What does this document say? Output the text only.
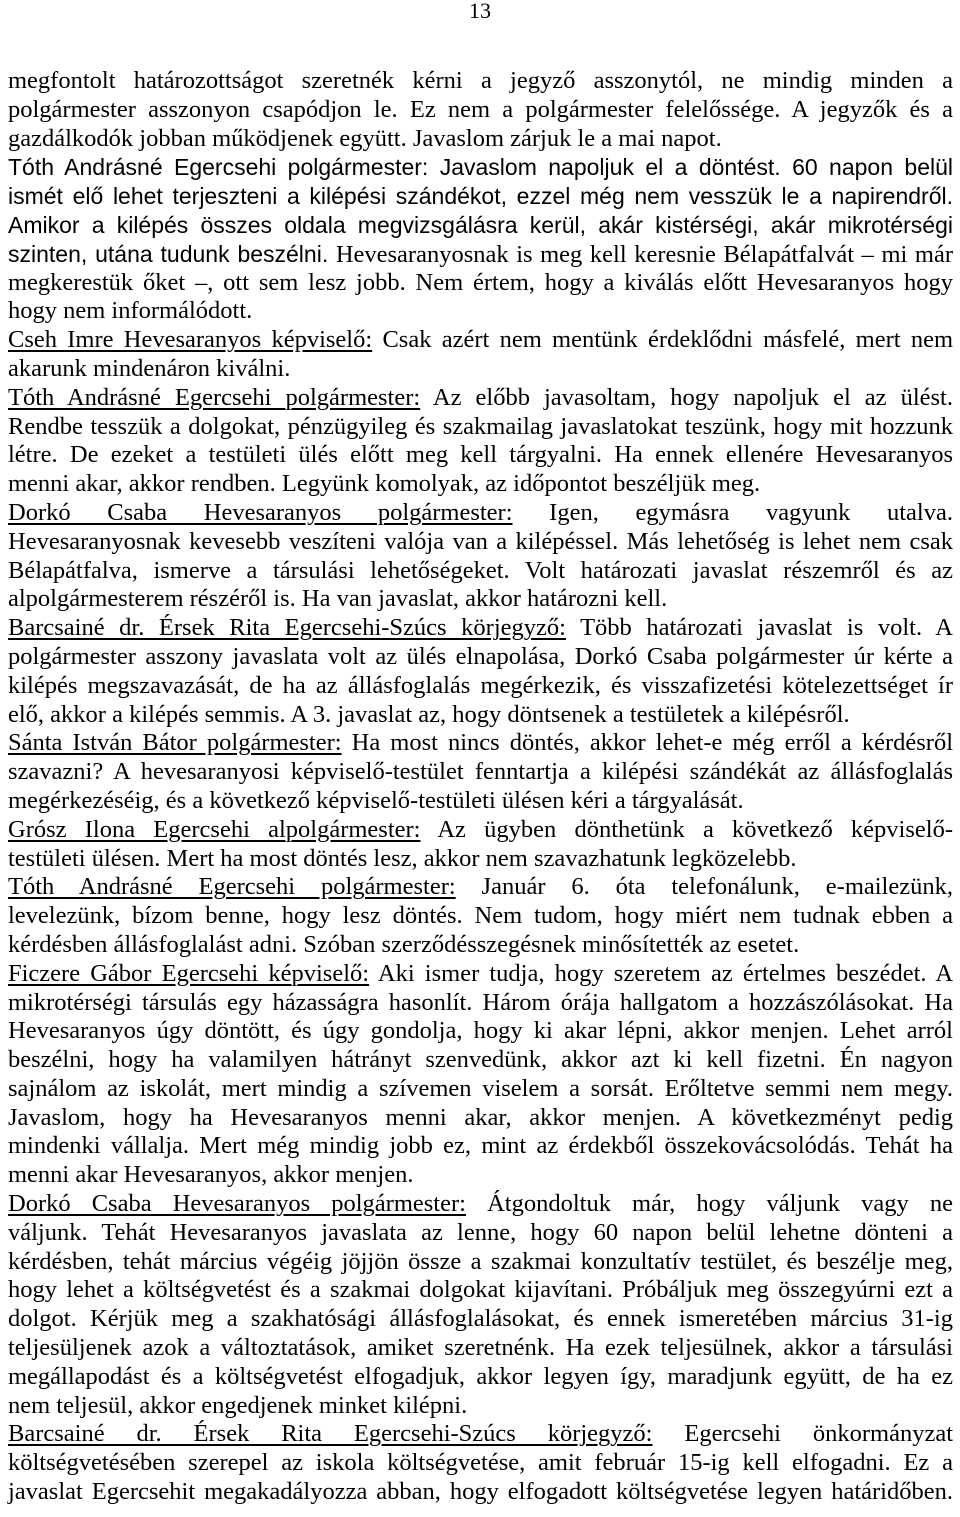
13
megfontolt határozottságot szeretnék kérni a jegyző asszonytól, ne mindig minden a
polgármester asszonyon csapódjon le. Ez nem a polgármester felelőssége. A jegyzők és a
gazdálkodók jobban működjenek együtt. Javaslom zárjuk le a mai napot.
Tóth Andrásné Egercsehi polgármester: Javaslom napoljuk el a döntést. 60 napon belül
ismét elő lehet terjeszteni a kilépési szándékot, ezzel még nem vesszük le a napirendről.
Amikor a kilépés összes oldala megvizsgálásra kerül, akár kistérségi, akár mikrotérségi
szinten, utána tudunk beszélni. Hevesaranyosnak is meg kell keresnie Bélapátfalvát – mi már
megkerestük őket –, ott sem lesz jobb. Nem értem, hogy a kiválás előtt Hevesaranyos hogy
hogy nem informálódott.
Cseh Imre Hevesaranyos képviselő: Csak azért nem mentünk érdeklődni másfelé, mert nem
akarunk mindenáron kiválni.
Tóth Andrásné Egercsehi polgármester: Az előbb javasoltam, hogy napoljuk el az ülést.
Rendbe tesszük a dolgokat, pénzügyileg és szakmailag javaslatokat teszünk, hogy mit hozzunk
létre. De ezeket a testületi ülés előtt meg kell tárgyalni. Ha ennek ellenére Hevesaranyos
menni akar, akkor rendben. Legyünk komolyak, az időpontot beszéljük meg.
Dorkó Csaba Hevesaranyos polgármester: Igen, egymásra vagyunk utalva.
Hevesaranyosnak kevesebb veszíteni valója van a kilépéssel. Más lehetőség is lehet nem csak
Bélapátfalva, ismerve a társulási lehetőségeket. Volt határozati javaslat részemről és az
alpolgármesterem részéről is. Ha van javaslat, akkor határozni kell.
Barcsainé dr. Érsek Rita Egercsehi-Szúcs körjegyző: Több határozati javaslat is volt. A
polgármester asszony javaslata volt az ülés elnapolása, Dorkó Csaba polgármester úr kérte a
kilépés megszavazását, de ha az állásfoglalás megérkezik, és visszafizetési kötelezettséget ír
elő, akkor a kilépés semmis. A 3. javaslat az, hogy döntsenek a testületek a kilépésről.
Sánta István Bátor polgármester: Ha most nincs döntés, akkor lehet-e még erről a kérdésről
szavazni? A hevesaranyosi képviselő-testület fenntartja a kilépési szándékát az állásfoglalás
megérkezéséig, és a következő képviselő-testületi ülésen kéri a tárgyalását.
Grósz Ilona Egercsehi alpolgármester: Az ügyben dönthetünk a következő képviselő-
testületi ülésen. Mert ha most döntés lesz, akkor nem szavazhatunk legközelebb.
Tóth Andrásné Egercsehi polgármester: Január 6. óta telefonálunk, e-mailezünk,
levelezünk, bízom benne, hogy lesz döntés. Nem tudom, hogy miért nem tudnak ebben a
kérdésben állásfoglalást adni. Szóban szerződésszegésnek minősítették az esetet.
Ficzere Gábor Egercsehi képviselő: Aki ismer tudja, hogy szeretem az értelmes beszédet. A
mikrotérségi társulás egy házasságra hasonlít. Három órája hallgatom a hozzászólásokat. Ha
Hevesaranyos úgy döntött, és úgy gondolja, hogy ki akar lépni, akkor menjen. Lehet arról
beszélni, hogy ha valamilyen hátrányt szenvedünk, akkor azt ki kell fizetni. Én nagyon
sajnálom az iskolát, mert mindig a szívemen viselem a sorsát. Erőltetve semmi nem megy.
Javaslom, hogy ha Hevesaranyos menni akar, akkor menjen. A következményt pedig
mindenki vállalja. Mert még mindig jobb ez, mint az érdekből összekovácsolódás. Tehát ha
menni akar Hevesaranyos, akkor menjen.
Dorkó Csaba Hevesaranyos polgármester: Átgondoltuk már, hogy váljunk vagy ne
váljunk. Tehát Hevesaranyos javaslata az lenne, hogy 60 napon belül lehetne dönteni a
kérdésben, tehát március végéig jöjjön össze a szakmai konzultatív testület, és beszélje meg,
hogy lehet a költségvetést és a szakmai dolgokat kijavítani. Próbáljuk meg összegyúrni ezt a
dolgot. Kérjük meg a szakhatósági állásfoglalásokat, és ennek ismeretében március 31-ig
teljesüljenek azok a változtatások, amiket szeretnénk. Ha ezek teljesülnek, akkor a társulási
megállapodást és a költségvetést elfogadjuk, akkor legyen így, maradjunk együtt, de ha ez
nem teljesül, akkor engedjenek minket kilépni.
Barcsainé dr. Érsek Rita Egercsehi-Szúcs körjegyző: Egercsehi önkormányzat
költségvetésében szerepel az iskola költségvetése, amit február 15-ig kell elfogadni. Ez a
javaslat Egercsehit megakadályozza abban, hogy elfogadott költségvetése legyen határidőben.
